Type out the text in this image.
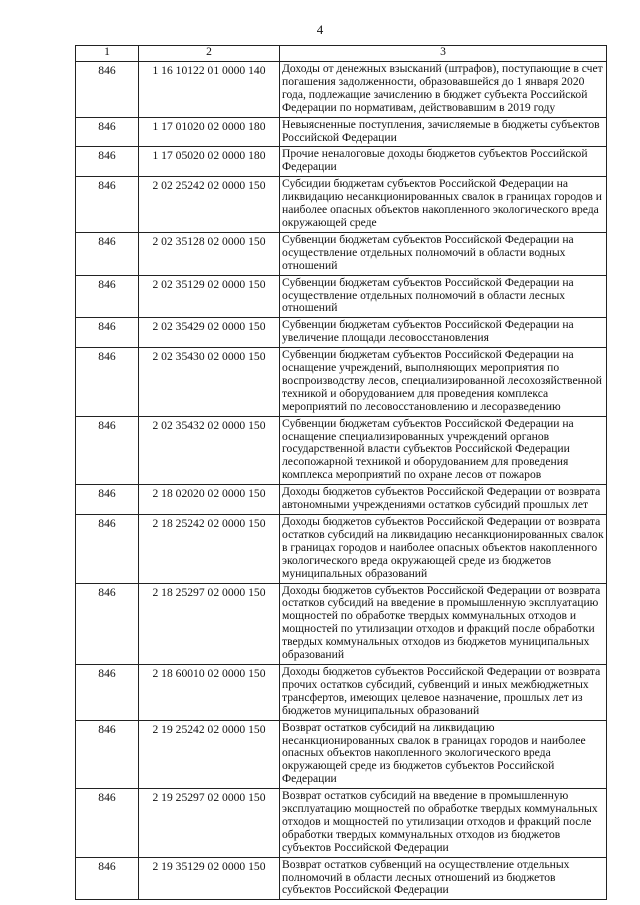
4
1	2	3
846	1 16 10122 01 0000 140	Доходы от денежных взысканий (штрафов), поступающие в счет погашения задолженности, образовавшейся до 1 января 2020 года, подлежащие зачислению в бюджет субъекта Российской Федерации по нормативам, действовавшим в 2019 году
846	1 17 01020 02 0000 180	Невыясненные поступления, зачисляемые в бюджеты субъектов Российской Федерации
846	1 17 05020 02 0000 180	Прочие неналоговые доходы бюджетов субъектов Российской Федерации
846	2 02 25242 02 0000 150	Субсидии бюджетам субъектов Российской Федерации на ликвидацию несанкционированных свалок в границах городов и наиболее опасных объектов накопленного экологического вреда окружающей среде
846	2 02 35128 02 0000 150	Субвенции бюджетам субъектов Российской Федерации на осуществление отдельных полномочий в области водных отношений
846	2 02 35129 02 0000 150	Субвенции бюджетам субъектов Российской Федерации на осуществление отдельных полномочий в области лесных отношений
846	2 02 35429 02 0000 150	Субвенции бюджетам субъектов Российской Федерации на увеличение площади лесовосстановления
846	2 02 35430 02 0000 150	Субвенции бюджетам субъектов Российской Федерации на оснащение учреждений, выполняющих мероприятия по воспроизводству лесов, специализированной лесохозяйственной техникой и оборудованием для проведения комплекса мероприятий по лесовосстановлению и лесоразведению
846	2 02 35432 02 0000 150	Субвенции бюджетам субъектов Российской Федерации на оснащение специализированных учреждений органов государственной власти субъектов Российской Федерации лесопожарной техникой и оборудованием для проведения комплекса мероприятий по охране лесов от пожаров
846	2 18 02020 02 0000 150	Доходы бюджетов субъектов Российской Федерации от возврата автономными учреждениями остатков субсидий прошлых лет
846	2 18 25242 02 0000 150	Доходы бюджетов субъектов Российской Федерации от возврата остатков субсидий на ликвидацию несанкционированных свалок в границах городов и наиболее опасных объектов накопленного экологического вреда окружающей среде из бюджетов муниципальных образований
846	2 18 25297 02 0000 150	Доходы бюджетов субъектов Российской Федерации от возврата остатков субсидий на введение в промышленную эксплуатацию мощностей по обработке твердых коммунальных отходов и мощностей по утилизации отходов и фракций после обработки твердых коммунальных отходов из бюджетов муниципальных образований
846	2 18 60010 02 0000 150	Доходы бюджетов субъектов Российской Федерации от возврата прочих остатков субсидий, субвенций и иных межбюджетных трансфертов, имеющих целевое назначение, прошлых лет из бюджетов муниципальных образований
846	2 19 25242 02 0000 150	Возврат остатков субсидий на ликвидацию несанкционированных свалок в границах городов и наиболее опасных объектов накопленного экологического вреда окружающей среде из бюджетов субъектов Российской Федерации
846	2 19 25297 02 0000 150	Возврат остатков субсидий на введение в промышленную эксплуатацию мощностей по обработке твердых коммунальных отходов и мощностей по утилизации отходов и фракций после обработки твердых коммунальных отходов из бюджетов субъектов Российской Федерации
846	2 19 35129 02 0000 150	Возврат остатков субвенций на осуществление отдельных полномочий в области лесных отношений из бюджетов субъектов Российской Федерации
